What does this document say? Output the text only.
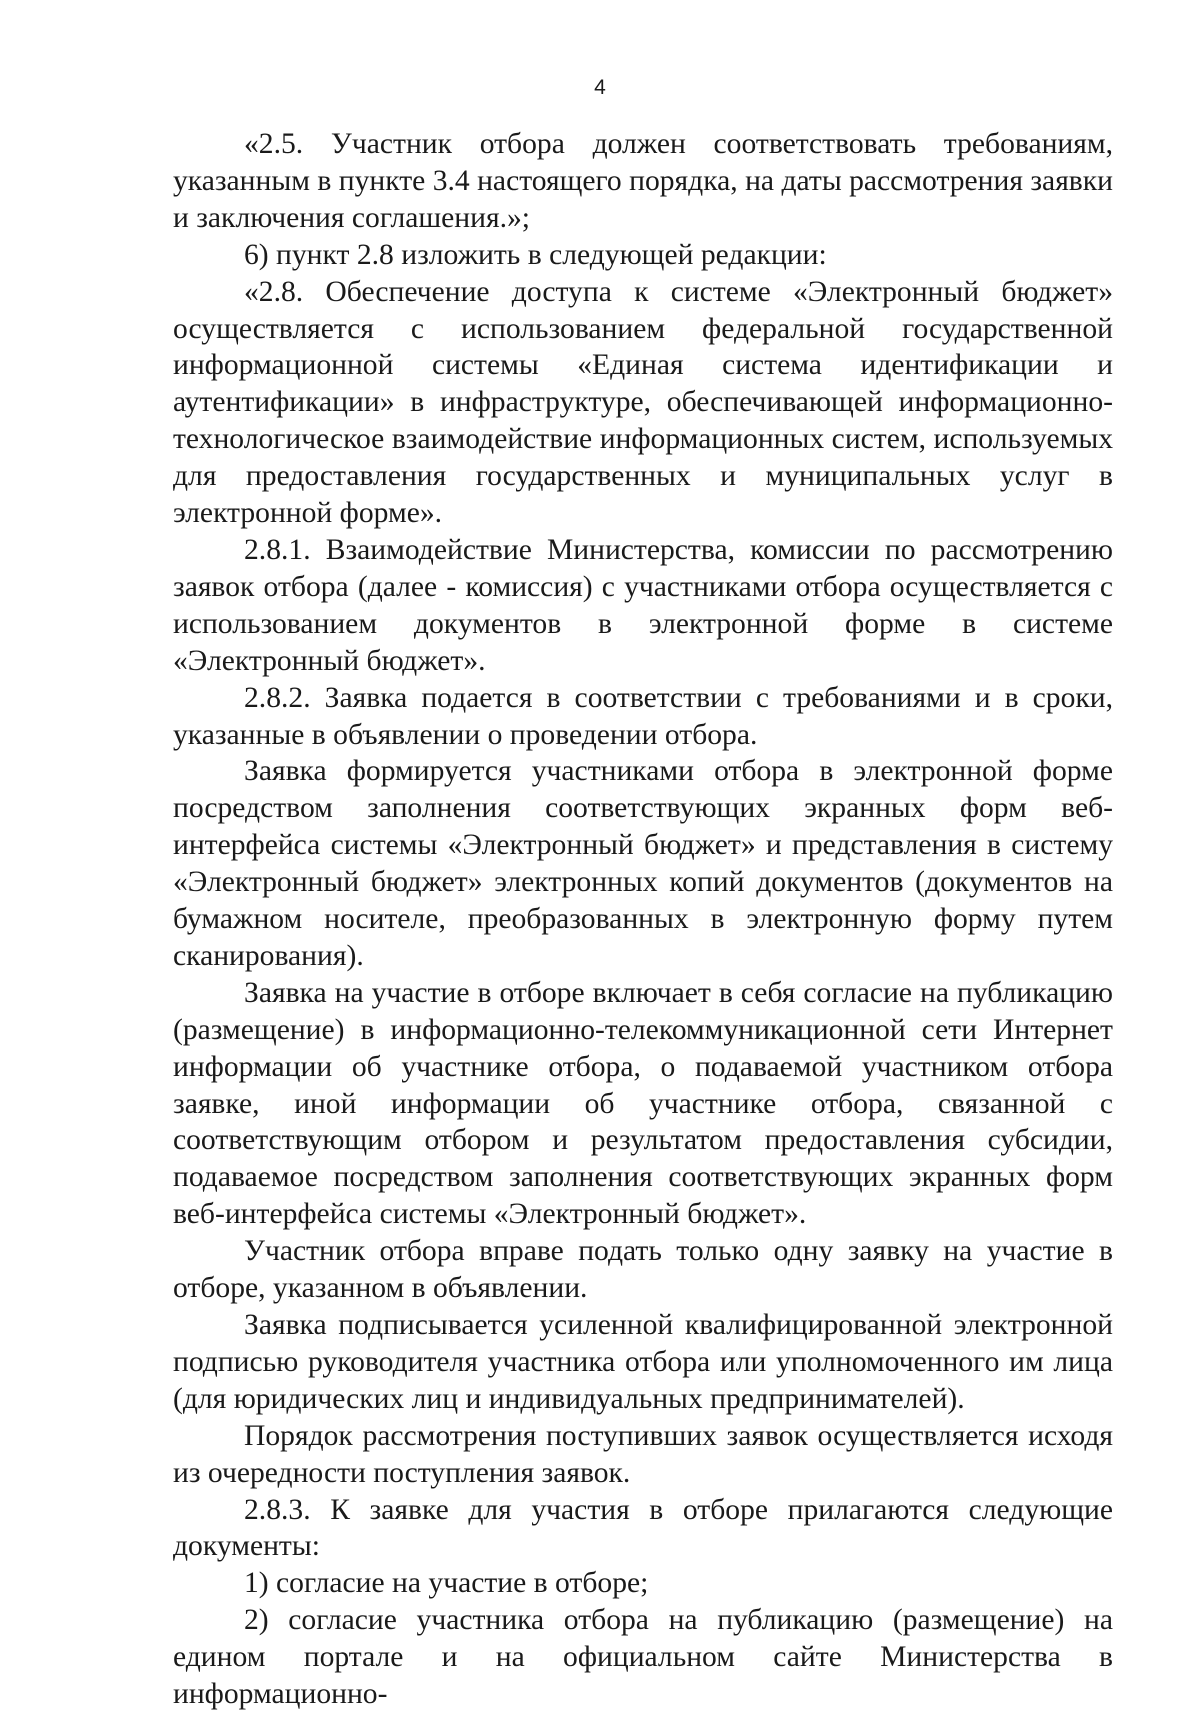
4

«2.5. Участник отбора должен соответствовать требованиям, указанным в пункте 3.4 настоящего порядка, на даты рассмотрения заявки и заключения соглашения.»;

6) пункт 2.8 изложить в следующей редакции:

«2.8. Обеспечение доступа к системе «Электронный бюджет» осуществляется с использованием федеральной государственной информационной системы «Единая система идентификации и аутентификации» в инфраструктуре, обеспечивающей информационно-технологическое взаимодействие информационных систем, используемых для предоставления государственных и муниципальных услуг в электронной форме».

2.8.1. Взаимодействие Министерства, комиссии по рассмотрению заявок отбора (далее - комиссия) с участниками отбора осуществляется с использованием документов в электронной форме в системе «Электронный бюджет».

2.8.2. Заявка подается в соответствии с требованиями и в сроки, указанные в объявлении о проведении отбора.

Заявка формируется участниками отбора в электронной форме посредством заполнения соответствующих экранных форм веб-интерфейса системы «Электронный бюджет» и представления в систему «Электронный бюджет» электронных копий документов (документов на бумажном носителе, преобразованных в электронную форму путем сканирования).

Заявка на участие в отборе включает в себя согласие на публикацию (размещение) в информационно-телекоммуникационной сети Интернет информации об участнике отбора, о подаваемой участником отбора заявке, иной информации об участнике отбора, связанной с соответствующим отбором и результатом предоставления субсидии, подаваемое посредством заполнения соответствующих экранных форм веб-интерфейса системы «Электронный бюджет».

Участник отбора вправе подать только одну заявку на участие в отборе, указанном в объявлении.

Заявка подписывается усиленной квалифицированной электронной подписью руководителя участника отбора или уполномоченного им лица (для юридических лиц и индивидуальных предпринимателей).

Порядок рассмотрения поступивших заявок осуществляется исходя из очередности поступления заявок.

2.8.3. К заявке для участия в отборе прилагаются следующие документы:

1) согласие на участие в отборе;

2) согласие участника отбора на публикацию (размещение) на едином портале и на официальном сайте Министерства в информационно-
